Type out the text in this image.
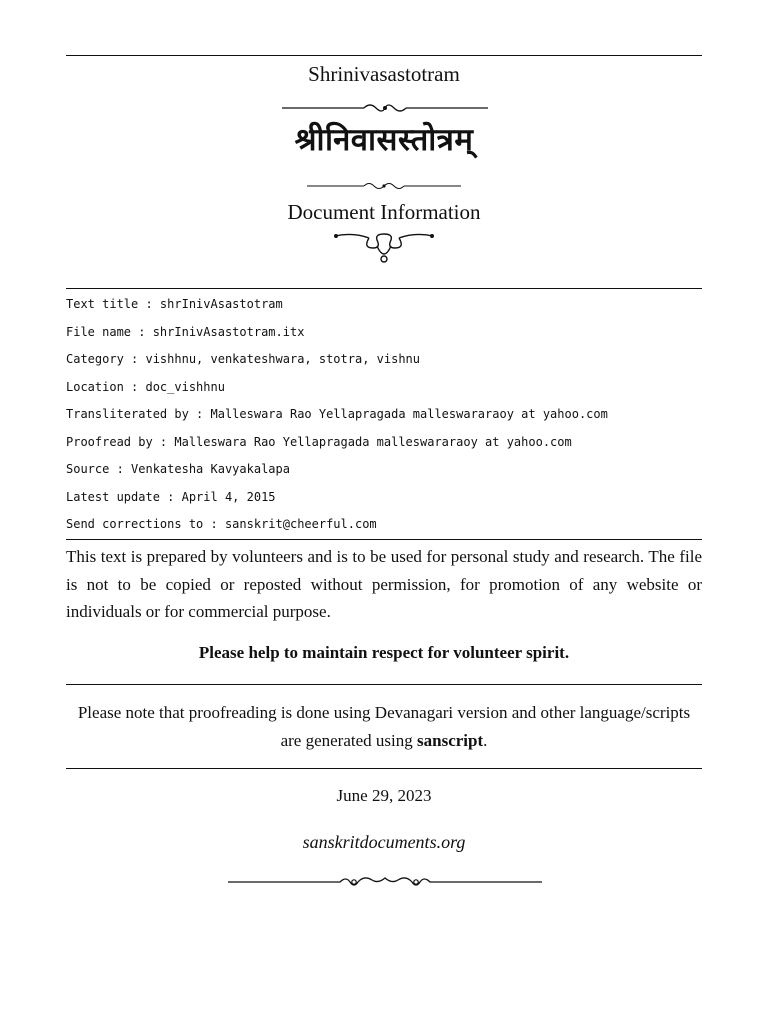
Shrinivasastotram
श्रीनिवासस्तोत्रम्
Document Information
Text title : shrInivAsastotram
File name : shrInivAsastotram.itx
Category : vishhnu, venkateshwara, stotra, vishnu
Location : doc_vishhnu
Transliterated by : Malleswara Rao Yellapragada malleswararaoy at yahoo.com
Proofread by : Malleswara Rao Yellapragada malleswararaoy at yahoo.com
Source : Venkatesha Kavyakalapa
Latest update : April 4, 2015
Send corrections to : sanskrit@cheerful.com
This text is prepared by volunteers and is to be used for personal study and research. The file is not to be copied or reposted without permission, for promotion of any website or individuals or for commercial purpose.
Please help to maintain respect for volunteer spirit.
Please note that proofreading is done using Devanagari version and other language/scripts are generated using sanscript.
June 29, 2023
sanskritdocuments.org
